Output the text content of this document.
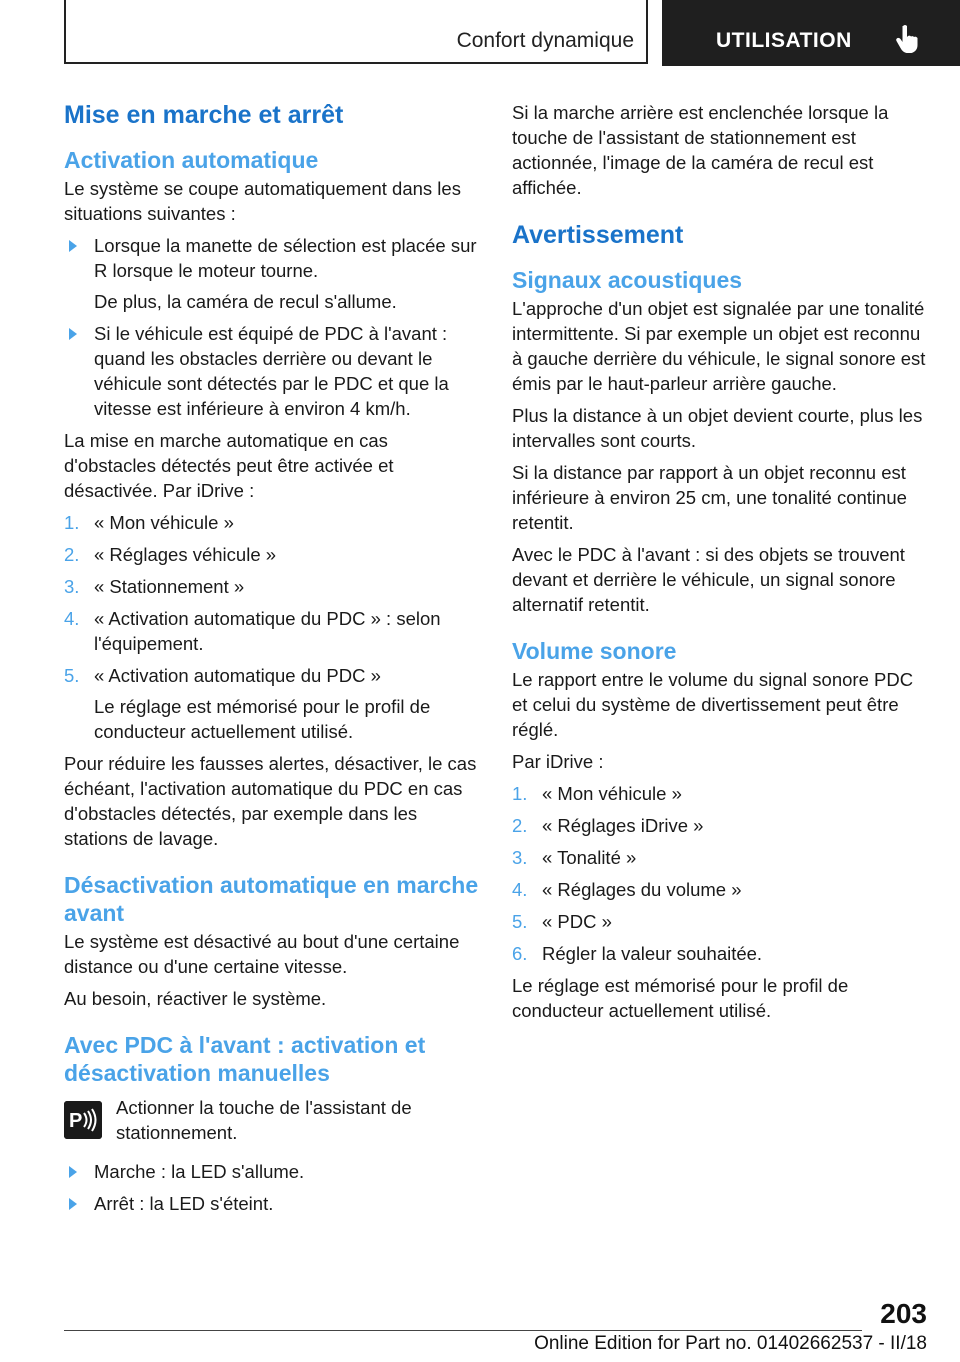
Confort dynamique	UTILISATION
Mise en marche et arrêt
Activation automatique

Le système se coupe automatiquement dans les situations suivantes :

Lorsque la manette de sélection est placée sur R lorsque le moteur tourne.
De plus, la caméra de recul s'allume.
Si le véhicule est équipé de PDC à l'avant : quand les obstacles derrière ou devant le véhicule sont détectés par le PDC et que la vitesse est inférieure à environ 4 km/h.

La mise en marche automatique en cas d'obstacles détectés peut être activée et désactivée. Par iDrive :

1. « Mon véhicule »
2. « Réglages véhicule »
3. « Stationnement »
4. « Activation automatique du PDC » : selon l'équipement.
5. « Activation automatique du PDC »
Le réglage est mémorisé pour le profil de conducteur actuellement utilisé.

Pour réduire les fausses alertes, désactiver, le cas échéant, l'activation automatique du PDC en cas d'obstacles détectés, par exemple dans les stations de lavage.

Désactivation automatique en marche avant

Le système est désactivé au bout d'une certaine distance ou d'une certaine vitesse.

Au besoin, réactiver le système.

Avec PDC à l'avant : activation et désactivation manuelles
P

Actionner la touche de l'assistant de stationnement.

Marche : la LED s'allume.
Arrêt : la LED s'éteint.

Si la marche arrière est enclenchée lorsque la touche de l'assistant de stationnement est actionnée, l'image de la caméra de recul est affichée.

Avertissement
Signaux acoustiques

L'approche d'un objet est signalée par une tonalité intermittente. Si par exemple un objet est reconnu à gauche derrière du véhicule, le signal sonore est émis par le haut-parleur arrière gauche.

Plus la distance à un objet devient courte, plus les intervalles sont courts.

Si la distance par rapport à un objet reconnu est inférieure à environ 25 cm, une tonalité continue retentit.

Avec le PDC à l'avant : si des objets se trouvent devant et derrière le véhicule, un signal sonore alternatif retentit.

Volume sonore

Le rapport entre le volume du signal sonore PDC et celui du système de divertissement peut être réglé.

Par iDrive :

1. « Mon véhicule »
2. « Réglages iDrive »
3. « Tonalité »
4. « Réglages du volume »
5. « PDC »
6. Régler la valeur souhaitée.

Le réglage est mémorisé pour le profil de conducteur actuellement utilisé.

203
Online Edition for Part no. 01402662537 - II/18
